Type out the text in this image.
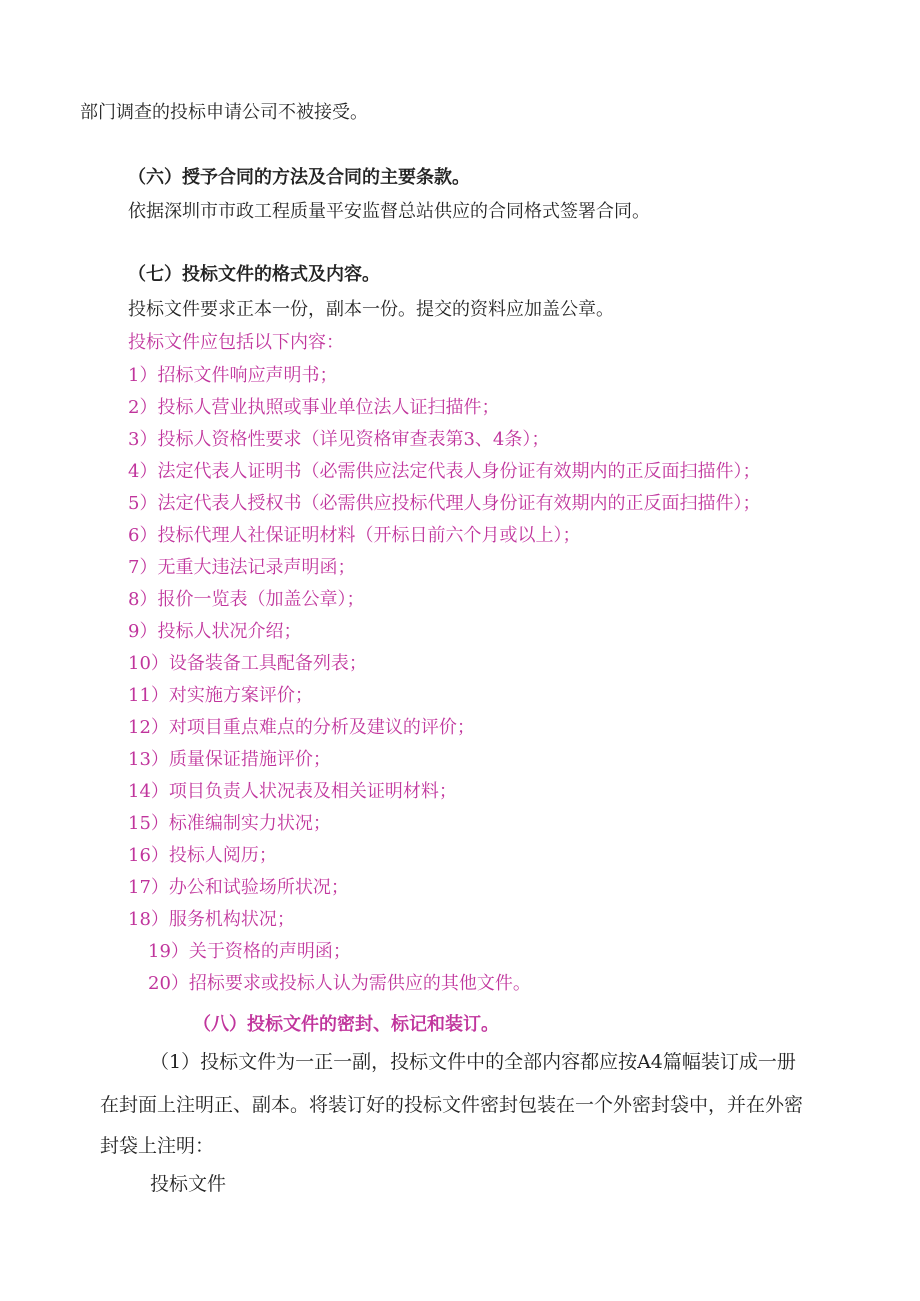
部门调查的投标申请公司不被接受。
（六）授予合同的方法及合同的主要条款。
依据深圳市市政工程质量平安监督总站供应的合同格式签署合同。
（七）投标文件的格式及内容。
投标文件要求正本一份，副本一份。提交的资料应加盖公章。
投标文件应包括以下内容：
1）招标文件响应声明书；
2）投标人营业执照或事业单位法人证扫描件；
3）投标人资格性要求（详见资格审查表第3、4条）；
4）法定代表人证明书（必需供应法定代表人身份证有效期内的正反面扫描件）；
5）法定代表人授权书（必需供应投标代理人身份证有效期内的正反面扫描件）；
6）投标代理人社保证明材料（开标日前六个月或以上）；
7）无重大违法记录声明函；
8）报价一览表（加盖公章）；
9）投标人状况介绍；
10）设备装备工具配备列表；
11）对实施方案评价；
12）对项目重点难点的分析及建议的评价；
13）质量保证措施评价；
14）项目负责人状况表及相关证明材料；
15）标准编制实力状况；
16）投标人阅历；
17）办公和试验场所状况；
18）服务机构状况；
19）关于资格的声明函；
20）招标要求或投标人认为需供应的其他文件。
（八）投标文件的密封、标记和装订。
（1）投标文件为一正一副，投标文件中的全部内容都应按A4篇幅装订成一册
在封面上注明正、副本。将装订好的投标文件密封包装在一个外密封袋中，并在外密
封袋上注明：
投标文件
